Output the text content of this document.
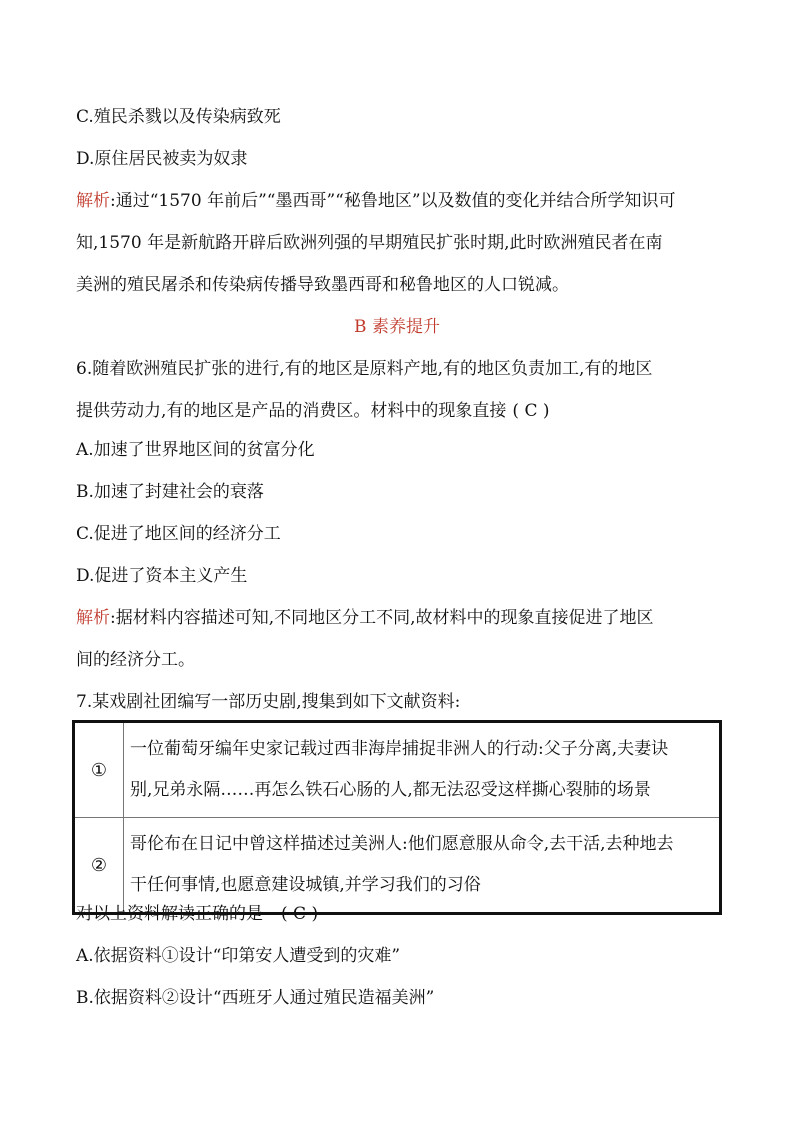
C.殖民杀戮以及传染病致死
D.原住居民被卖为奴隶
解析:通过“1570 年前后”“墨西哥”“秘鲁地区”以及数值的变化并结合所学知识可
知,1570 年是新航路开辟后欧洲列强的早期殖民扩张时期,此时欧洲殖民者在南
美洲的殖民屠杀和传染病传播导致墨西哥和秘鲁地区的人口锐减。
B 素养提升
6.随着欧洲殖民扩张的进行,有的地区是原料产地,有的地区负责加工,有的地区
提供劳动力,有的地区是产品的消费区。材料中的现象直接 ( C )
A.加速了世界地区间的贫富分化
B.加速了封建社会的衰落
C.促进了地区间的经济分工
D.促进了资本主义产生
解析:据材料内容描述可知,不同地区分工不同,故材料中的现象直接促进了地区
间的经济分工。
7.某戏剧社团编写一部历史剧,搜集到如下文献资料:
①	一位葡萄牙编年史家记载过西非海岸捕捉非洲人的行动:父子分离,夫妻诀
别,兄弟永隔……再怎么铁石心肠的人,都无法忍受这样撕心裂肺的场景

②	哥伦布在日记中曾这样描述过美洲人:他们愿意服从命令,去干活,去种地去
干任何事情,也愿意建设城镇,并学习我们的习俗
对以上资料解读正确的是 ( C )
A.依据资料①设计“印第安人遭受到的灾难”
B.依据资料②设计“西班牙人通过殖民造福美洲”
